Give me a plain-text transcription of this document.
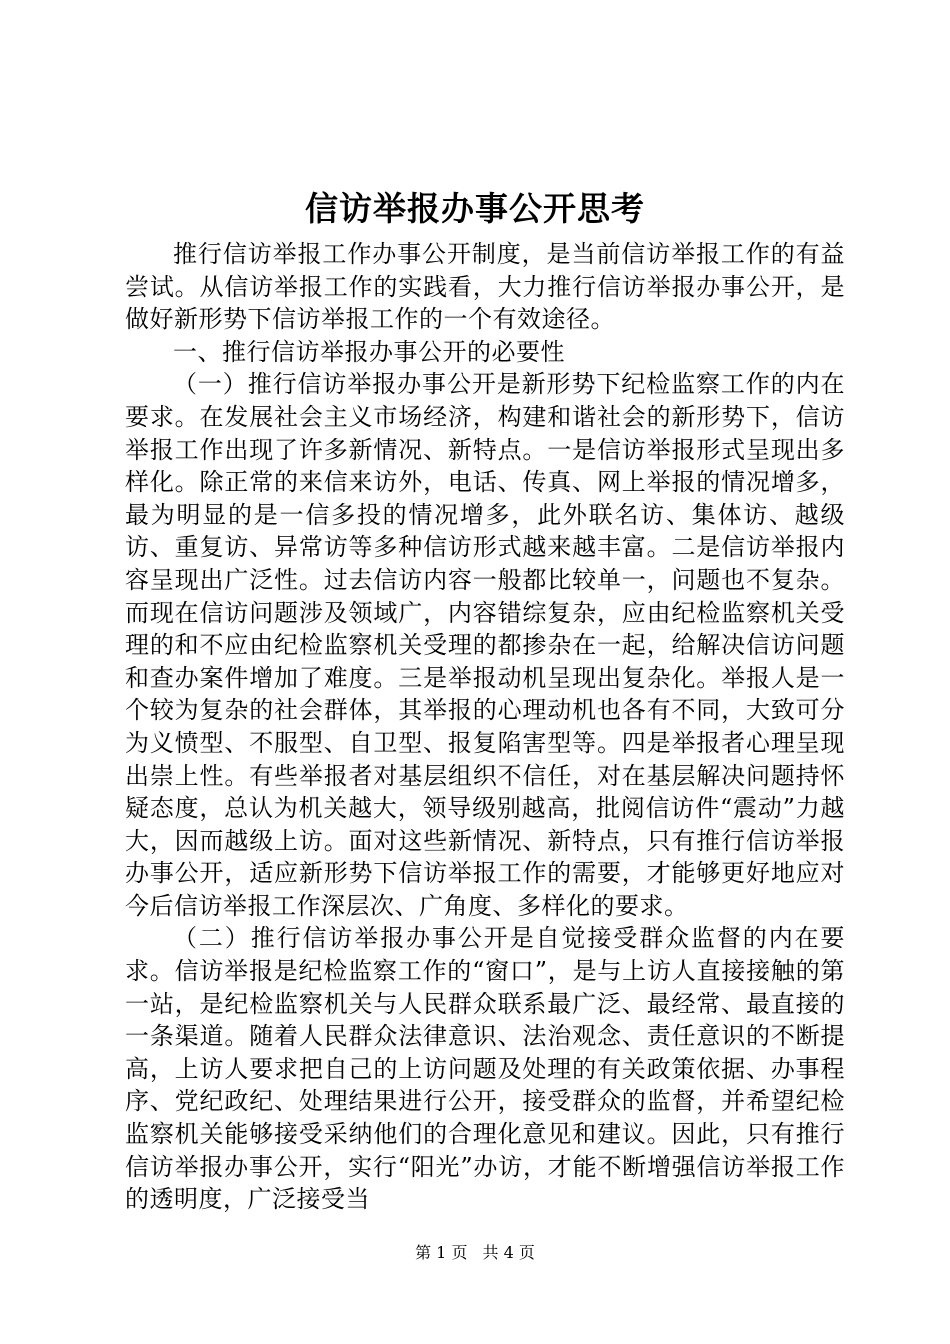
信访举报办事公开思考

推行信访举报工作办事公开制度，是当前信访举报工作的有益尝试。从信访举报工作的实践看，大力推行信访举报办事公开，是做好新形势下信访举报工作的一个有效途径。

一、推行信访举报办事公开的必要性

（一）推行信访举报办事公开是新形势下纪检监察工作的内在要求。在发展社会主义市场经济，构建和谐社会的新形势下，信访举报工作出现了许多新情况、新特点。一是信访举报形式呈现出多样化。除正常的来信来访外，电话、传真、网上举报的情况增多，最为明显的是一信多投的情况增多，此外联名访、集体访、越级访、重复访、异常访等多种信访形式越来越丰富。二是信访举报内容呈现出广泛性。过去信访内容一般都比较单一，问题也不复杂。而现在信访问题涉及领域广，内容错综复杂，应由纪检监察机关受理的和不应由纪检监察机关受理的都掺杂在一起，给解决信访问题和查办案件增加了难度。三是举报动机呈现出复杂化。举报人是一个较为复杂的社会群体，其举报的心理动机也各有不同，大致可分为义愤型、不服型、自卫型、报复陷害型等。四是举报者心理呈现出崇上性。有些举报者对基层组织不信任，对在基层解决问题持怀疑态度，总认为机关越大，领导级别越高，批阅信访件“震动”力越大，因而越级上访。面对这些新情况、新特点，只有推行信访举报办事公开，适应新形势下信访举报工作的需要，才能够更好地应对今后信访举报工作深层次、广角度、多样化的要求。

（二）推行信访举报办事公开是自觉接受群众监督的内在要求。信访举报是纪检监察工作的“窗口”，是与上访人直接接触的第一站，是纪检监察机关与人民群众联系最广泛、最经常、最直接的一条渠道。随着人民群众法律意识、法治观念、责任意识的不断提高，上访人要求把自己的上访问题及处理的有关政策依据、办事程序、党纪政纪、处理结果进行公开，接受群众的监督，并希望纪检监察机关能够接受采纳他们的合理化意见和建议。因此，只有推行信访举报办事公开，实行“阳光”办访，才能不断增强信访举报工作的透明度，广泛接受当

第 1 页 共 4 页
